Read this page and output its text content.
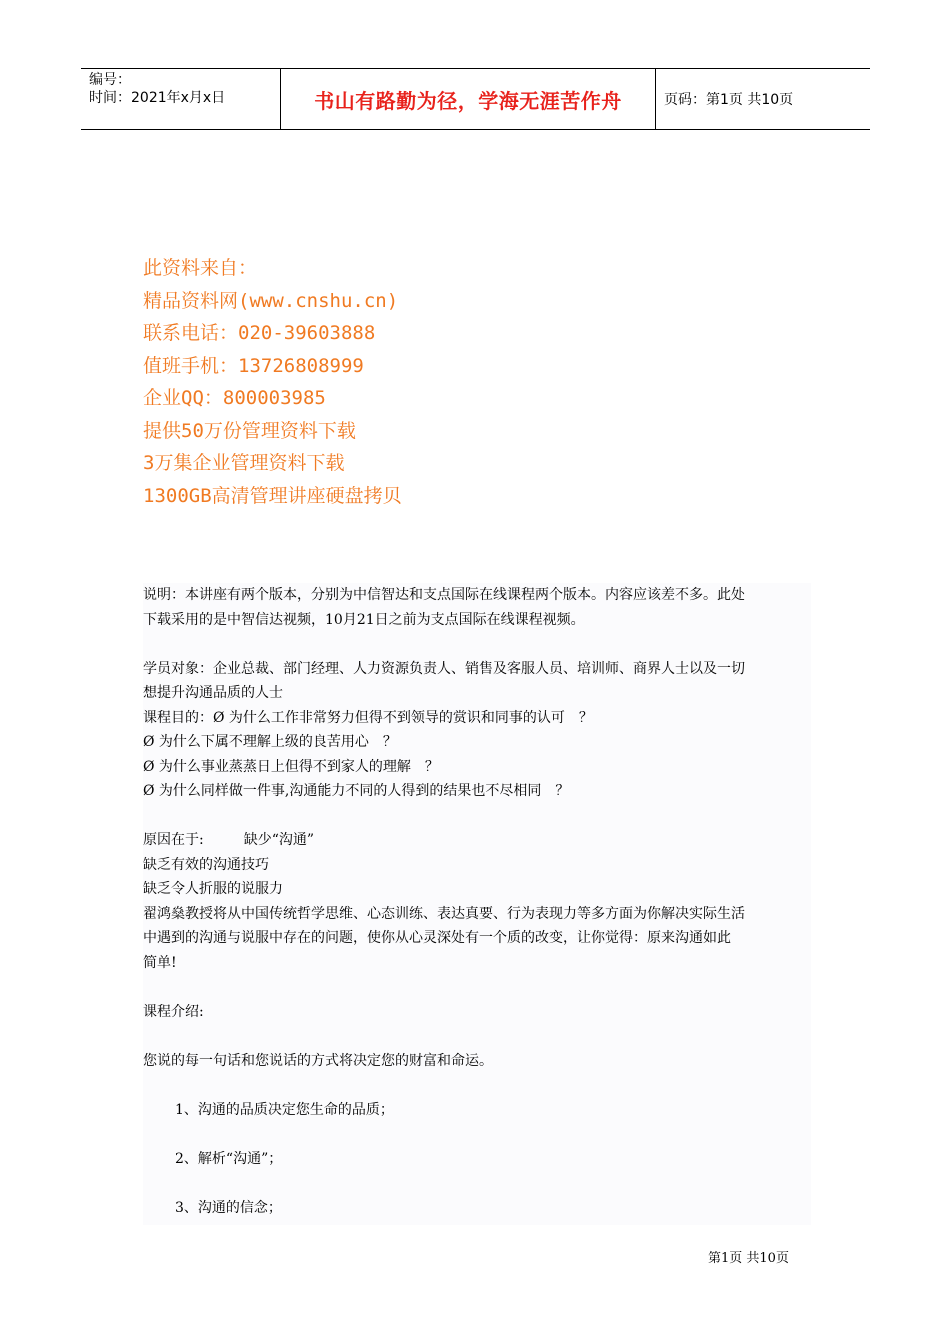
编号：
时间：2021年x月x日	书山有路勤为径，学海无涯苦作舟	页码：第1页 共10页
此资料来自：
精品资料网(www.cnshu.cn)
联系电话：020-39603888
值班手机：13726808999
企业QQ：800003985
提供50万份管理资料下载
3万集企业管理资料下载
1300GB高清管理讲座硬盘拷贝

说明：本讲座有两个版本，分别为中信智达和支点国际在线课程两个版本。内容应该差不多。此处

下载采用的是中智信达视频，10月21日之前为支点国际在线课程视频。

学员对象：企业总裁、部门经理、人力资源负责人、销售及客服人员、培训师、商界人士以及一切

想提升沟通品质的人士

课程目的：Ø 为什么工作非常努力但得不到领导的赏识和同事的认可　？

Ø 为什么下属不理解上级的良苦用心　？

Ø 为什么事业蒸蒸日上但得不到家人的理解　？

Ø 为什么同样做一件事,沟通能力不同的人得到的结果也不尽相同　？

原因在于:	缺少“沟通”

缺乏有效的沟通技巧

缺乏令人折服的说服力

翟鸿燊教授将从中国传统哲学思维、心态训练、表达真要、行为表现力等多方面为你解决实际生活

中遇到的沟通与说服中存在的问题，使你从心灵深处有一个质的改变，让你觉得：原来沟通如此

简单!

课程介绍:

您说的每一句话和您说话的方式将决定您的财富和命运。

1、沟通的品质决定您生命的品质；

2、解析“沟通”；

3、沟通的信念；

第1页 共10页
